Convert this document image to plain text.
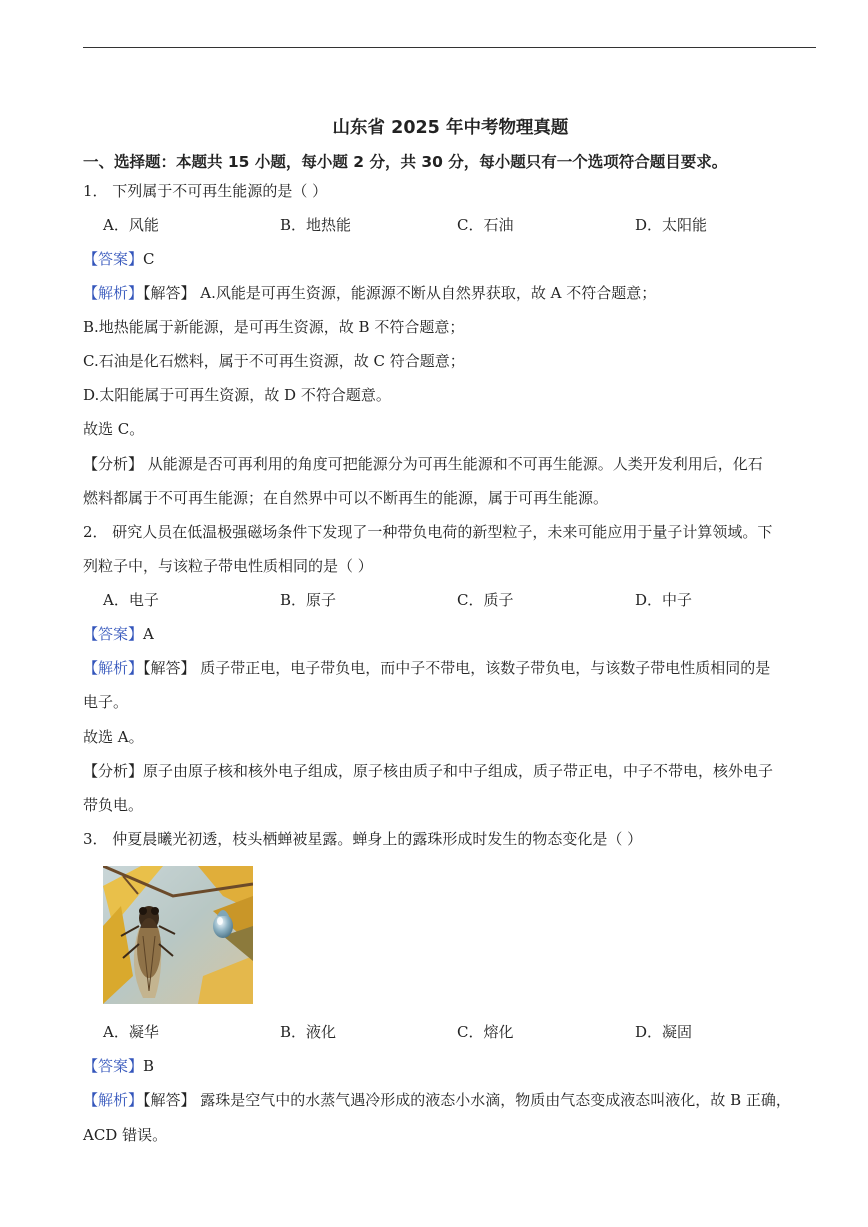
山东省 2025 年中考物理真题
一、选择题：本题共 15 小题，每小题 2 分，共 30 分，每小题只有一个选项符合题目要求。
1． 下列属于不可再生能源的是（ ）
A．风能	B．地热能	C．石油	D．太阳能
【答案】C
【解析】【解答】 A.风能是可再生资源，能源源不断从自然界获取，故 A 不符合题意；
B.地热能属于新能源，是可再生资源，故 B 不符合题意；
C.石油是化石燃料，属于不可再生资源，故 C 符合题意；
D.太阳能属于可再生资源，故 D 不符合题意。
故选 C。
【分析】 从能源是否可再利用的角度可把能源分为可再生能源和不可再生能源。人类开发利用后，化石
燃料都属于不可再生能源；在自然界中可以不断再生的能源，属于可再生能源。
2． 研究人员在低温极强磁场条件下发现了一种带负电荷的新型粒子，未来可能应用于量子计算领域。下
列粒子中，与该粒子带电性质相同的是（ ）
A．电子	B．原子	C．质子	D．中子
【答案】A
【解析】【解答】 质子带正电，电子带负电，而中子不带电，该数子带负电，与该数子带电性质相同的是
电子。
故选 A。
【分析】原子由原子核和核外电子组成，原子核由质子和中子组成，质子带正电，中子不带电，核外电子
带负电。
3． 仲夏晨曦光初透，枝头栖蝉被星露。蝉身上的露珠形成时发生的物态变化是（ ）
A．凝华	B．液化	C．熔化	D．凝固
【答案】B
【解析】【解答】 露珠是空气中的水蒸气遇冷形成的液态小水滴，物质由气态变成液态叫液化，故 B 正确，
ACD 错误。
